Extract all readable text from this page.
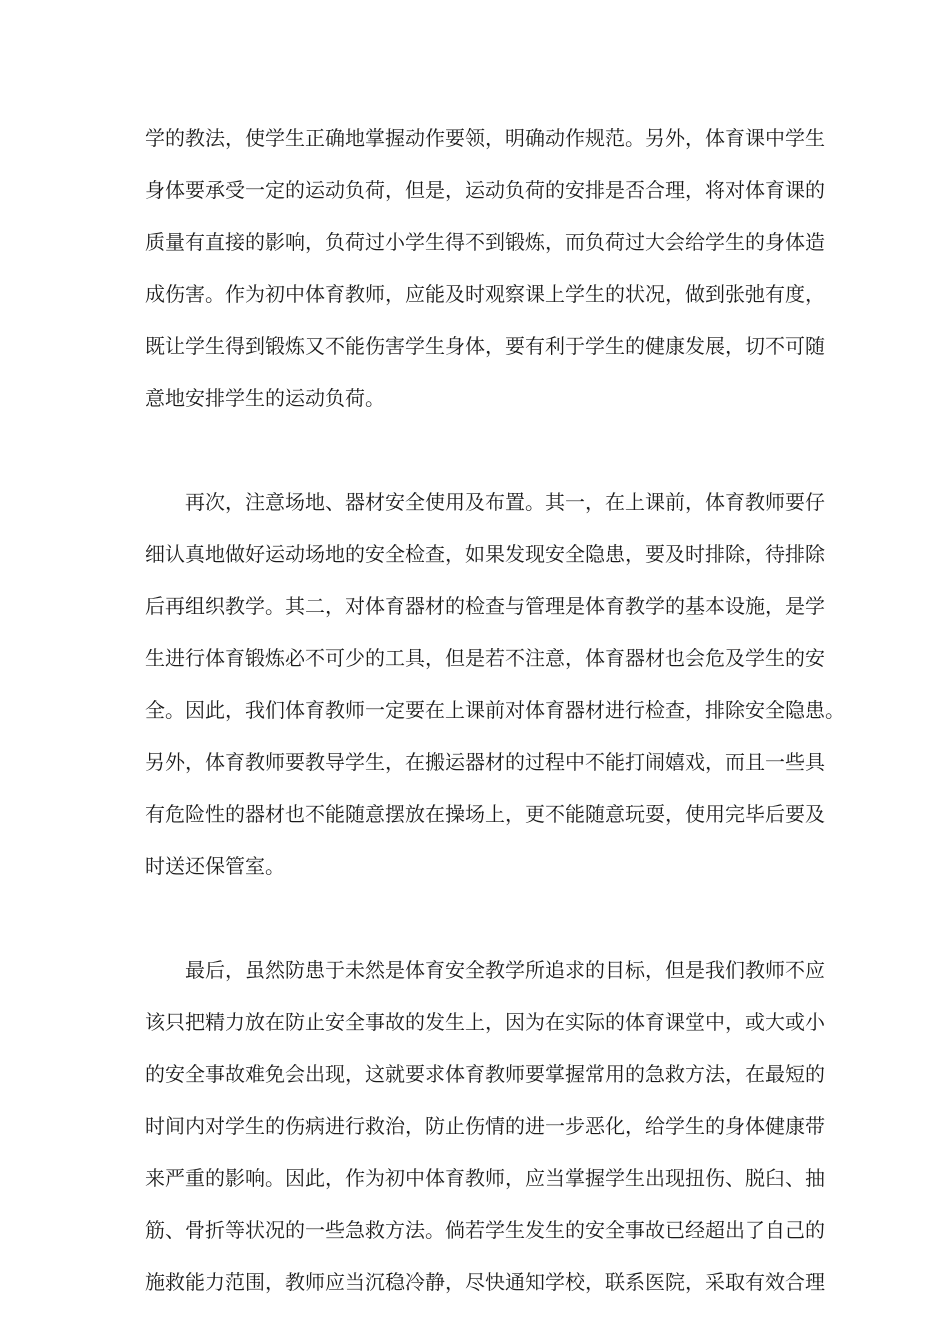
学的教法，使学生正确地掌握动作要领，明确动作规范。另外，体育课中学生
身体要承受一定的运动负荷，但是，运动负荷的安排是否合理，将对体育课的
质量有直接的影响，负荷过小学生得不到锻炼，而负荷过大会给学生的身体造
成伤害。作为初中体育教师，应能及时观察课上学生的状况，做到张弛有度，
既让学生得到锻炼又不能伤害学生身体，要有利于学生的健康发展，切不可随
意地安排学生的运动负荷。
再次，注意场地、器材安全使用及布置。其一，在上课前，体育教师要仔
细认真地做好运动场地的安全检查，如果发现安全隐患，要及时排除，待排除
后再组织教学。其二，对体育器材的检查与管理是体育教学的基本设施，是学
生进行体育锻炼必不可少的工具，但是若不注意，体育器材也会危及学生的安
全。因此，我们体育教师一定要在上课前对体育器材进行检查，排除安全隐患。
另外，体育教师要教导学生，在搬运器材的过程中不能打闹嬉戏，而且一些具
有危险性的器材也不能随意摆放在操场上，更不能随意玩耍，使用完毕后要及
时送还保管室。
最后，虽然防患于未然是体育安全教学所追求的目标，但是我们教师不应
该只把精力放在防止安全事故的发生上，因为在实际的体育课堂中，或大或小
的安全事故难免会出现，这就要求体育教师要掌握常用的急救方法，在最短的
时间内对学生的伤病进行救治，防止伤情的进一步恶化，给学生的身体健康带
来严重的影响。因此，作为初中体育教师，应当掌握学生出现扭伤、脱臼、抽
筋、骨折等状况的一些急救方法。倘若学生发生的安全事故已经超出了自己的
施救能力范围，教师应当沉稳冷静，尽快通知学校，联系医院，采取有效合理
